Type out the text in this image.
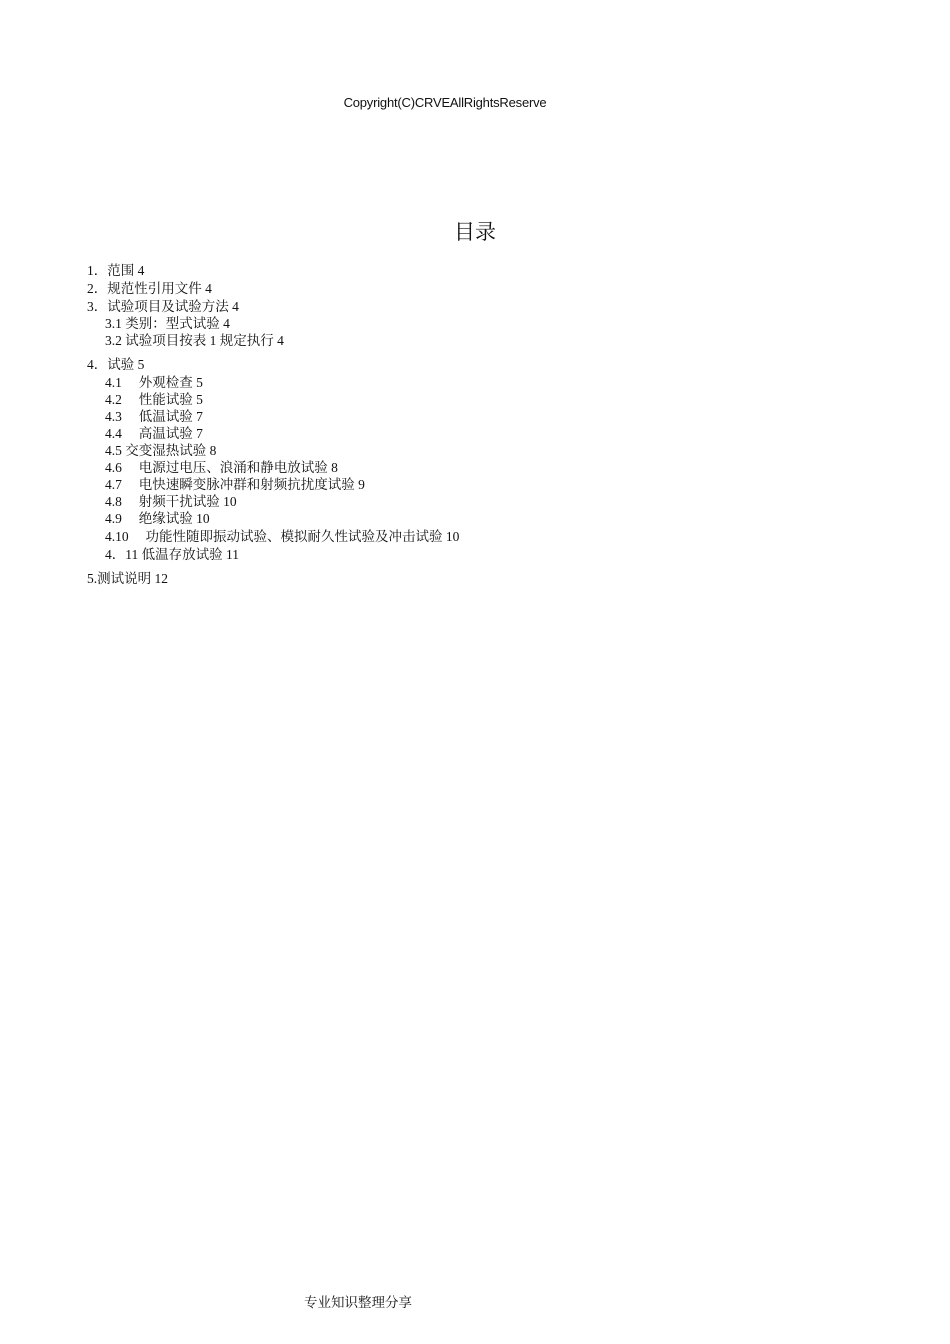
Copyright(C)CRVEAllRightsReserve
目录
1．范围 4
2．规范性引用文件 4
3．试验项目及试验方法 4
3.1 类别：型式试验 4
3.2 试验项目按表 1 规定执行 4
4．试验 5
4.1　 外观检查 5
4.2　 性能试验 5
4.3　 低温试验 7
4.4　 高温试验 7
4.5 交变湿热试验 8
4.6　 电源过电压、浪涌和静电放试验 8
4.7　 电快速瞬变脉冲群和射频抗扰度试验 9
4.8　 射频干扰试验 10
4.9　 绝缘试验 10
4.10　 功能性随即振动试验、模拟耐久性试验及冲击试验 10
4．11 低温存放试验 11
5.测试说明 12
专业知识整理分享
